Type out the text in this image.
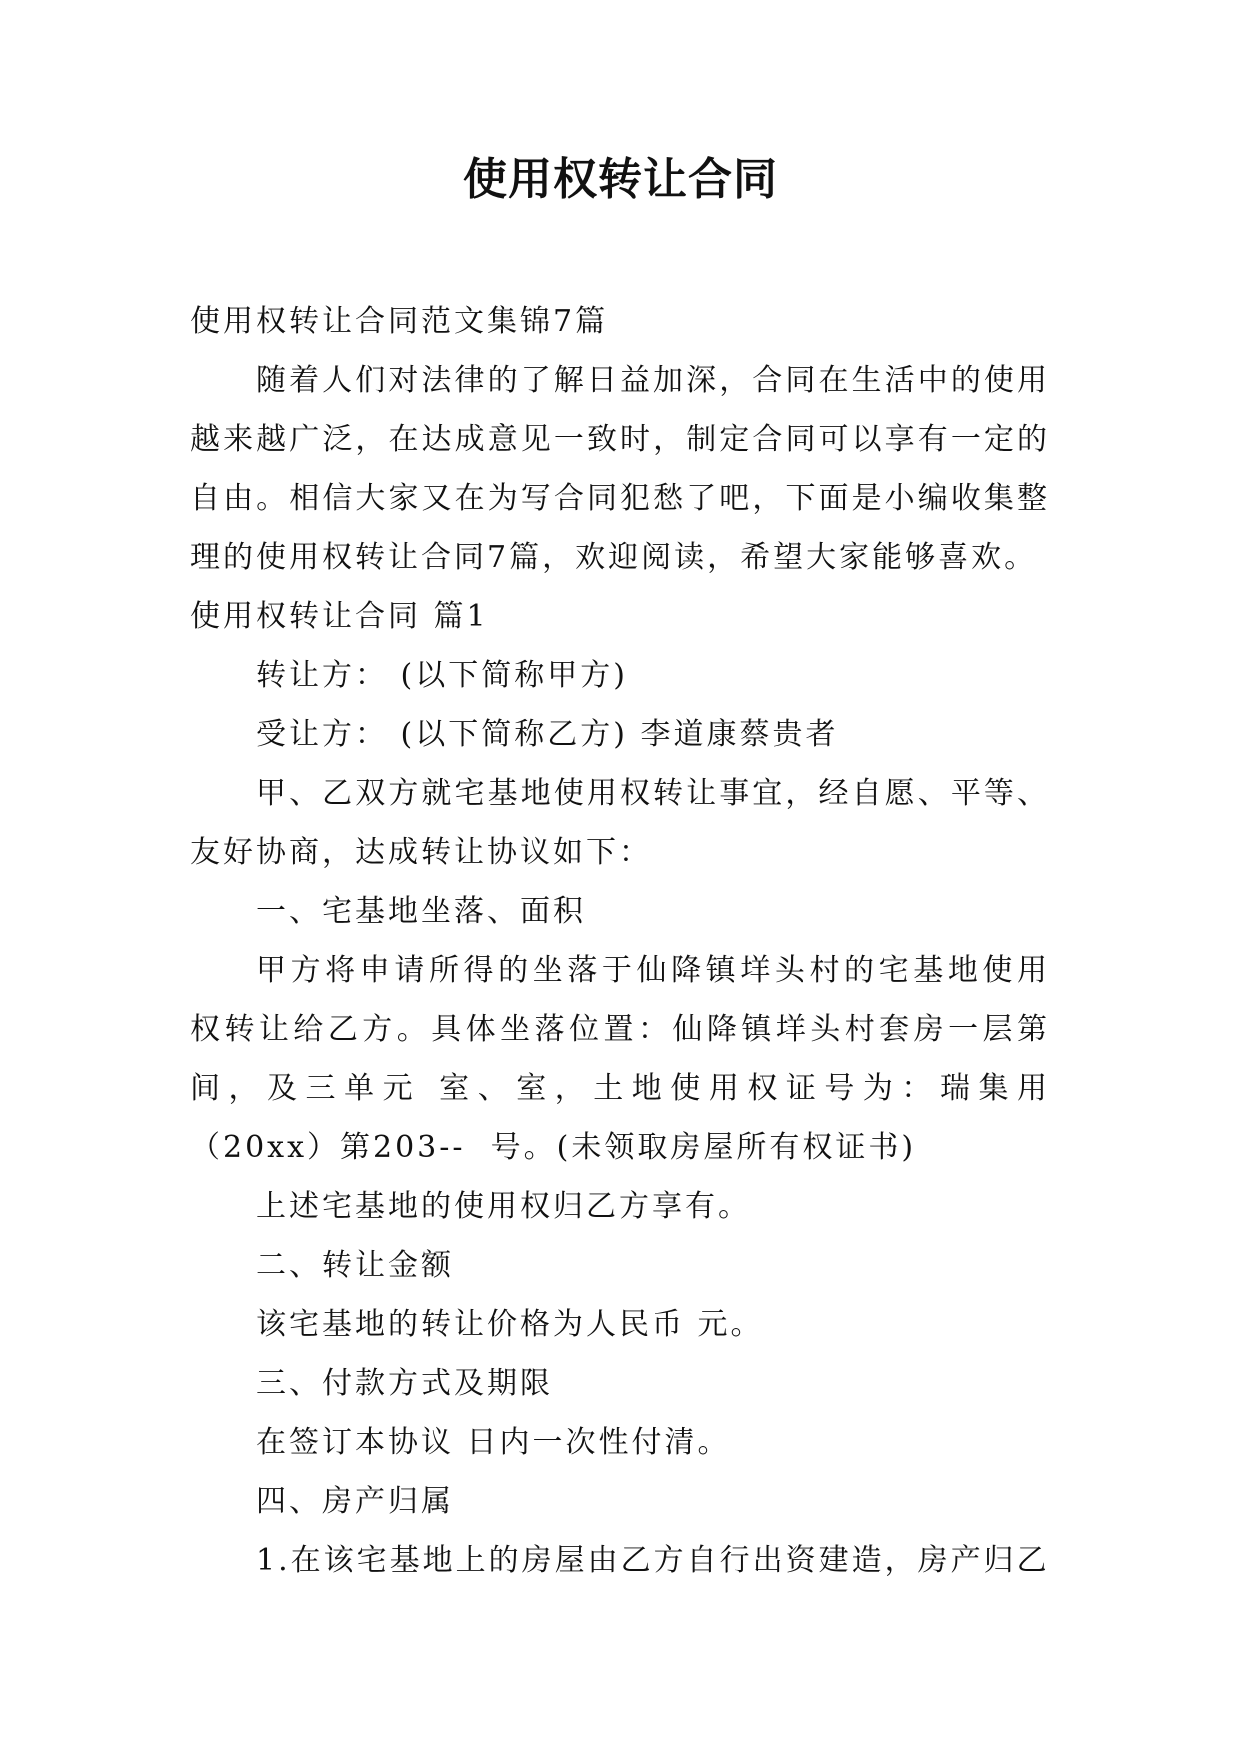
使用权转让合同
使用权转让合同范文集锦7篇
随着人们对法律的了解日益加深，合同在生活中的使用
越来越广泛，在达成意见一致时，制定合同可以享有一定的
自由。相信大家又在为写合同犯愁了吧，下面是小编收集整
理的使用权转让合同7篇，欢迎阅读，希望大家能够喜欢。
使用权转让合同 篇1
转让方： (以下简称甲方)
受让方： (以下简称乙方) 李道康蔡贵者
甲、乙双方就宅基地使用权转让事宜，经自愿、平等、
友好协商，达成转让协议如下：
一、宅基地坐落、面积
甲方将申请所得的坐落于仙降镇垟头村的宅基地使用
权转让给乙方。具体坐落位置：仙降镇垟头村套房一层第
间，及三单元 室、室，土地使用权证号为：瑞集用
（20xx）第203--  号。(未领取房屋所有权证书)
上述宅基地的使用权归乙方享有。
二、转让金额
该宅基地的转让价格为人民币 元。
三、付款方式及期限
在签订本协议 日内一次性付清。
四、房产归属
1.在该宅基地上的房屋由乙方自行出资建造，房产归乙
